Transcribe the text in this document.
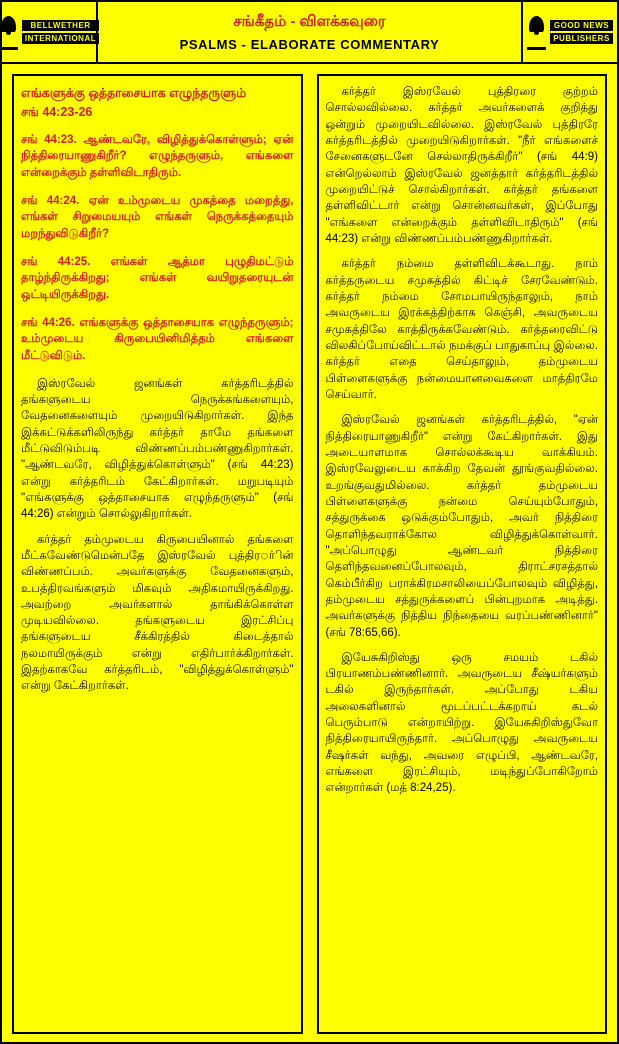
BELLWETHER
INTERNATIONAL
சங்கீதம் - விளக்கவுரை
PSALMS - ELABORATE COMMENTARY
GOOD NEWS
PUBLISHERS
எங்களுக்கு ஒத்தாசையாக எழுந்தருளும்
சங் 44:23-26
சங் 44:23. ஆண்டவரே, விழித்துக்கொள்ளும்; ஏன் நித்திரையாணுகிறீர்? எழுந்தருளும், எங்களை என்றைக்கும் தள்ளிவிடாதிரும்.
சங் 44:24. ஏன் உம்முடைய முகத்தை மறைத்து, எங்கள் சிறுமையயும் எங்கள் நெருக்கத்தையும் மறந்துவிடுகிறீர்?
சங் 44:25. எங்கள் ஆத்மா புழுதிமட்டும் தாழ்ந்திருக்கிறது; எங்கள் வயிறுதரையுடன் ஒட்டியிருக்கிறது.
சங் 44:26. எங்களுக்கு ஒத்தாசையாக எழுந்தருளும்; உம்முடைய கிருபையினிமித்தம் எங்களை மீட்டுவிடும்.

இஸ்ரவேல் ஜனங்கள் கர்த்தரிடத்தில் தங்களுடைய நெருக்கங்களையும், வேதனைகளையும் முறையிடுகிறார்கள். இந்த இக்கட்டுக்களிலிருந்து கர்த்தர் தாமே தங்களை மீட்டுவிடும்படி விண்ணப்பம்பண்ணுகிறார்கள். "ஆண்டவரே, விழித்துக்கொள்ளும்" (சங் 44:23) என்று கர்த்தரிடம் கேட்கிறார்கள். மறுபடியும் "எங்களுக்கு ஒத்தாசையாக எழுந்தருளும்" (சங் 44:26) என்றும் சொல்லுகிறார்கள்.

கர்த்தர் தம்முடைய கிருபையினால் தங்களை மீட்கவேண்டுமென்பதே இஸ்ரவேல் புத்திரர்ின் விண்ணப்பம். அவர்களுக்கு வேதனைகளும், உபத்திரவங்களும் மிகவும் அதிகமாயிருக்கிறது. அவற்றை அவர்களால் தாங்கிக்கொள்ள முடியவில்லை. தங்களுடைய இரட்சிப்பு தங்களுடைய சீக்கிரத்தில் கிடைத்தால் நலமாயிருக்கும் என்று எதிர்பார்க்கிறார்கள். இதற்காகவே கர்த்தரிடம், "விழித்துக்கொள்ளும்" என்று கேட்கிறார்கள்.

கர்த்தர் இஸ்ரவேல் புத்திரரை குற்றம் சொல்லவில்லை. கர்த்தர் அவர்களைக் குறித்து ஒன்றும் முறையிடவில்லை. இஸ்ரவேல் புத்திரரே கர்த்தரிடத்தில் முறையிடுகிறார்கள். "நீர் எங்களைச் சேனைகளுடனே செல்லாதிருக்கிறீர்" (சங் 44:9) என்றெல்லாம் இஸ்ரவேல் ஜனத்தார் கர்த்தரிடத்தில் முறையிட்டுச் சொல்கிறார்கள். கர்த்தர் தங்களை தள்ளிவிட்டார் என்று சொன்னவர்கள், இப்போது "எங்களை என்றைக்கும் தள்ளிவிடாதிரும்" (சங் 44:23) என்று விண்ணப்பம்பண்ணுகிறார்கள்.

கர்த்தர் நம்மை தள்ளிவிடக்கூடாது. நாம் கர்த்தருடைய சமுகத்தில் கிட்டிச் சேரவேண்டும். கர்த்தர் நம்மை சோமபாயிருந்தாலும், நாம் அவருடைய இரக்கத்திற்காக கெஞ்சி, அவருடைய சமுகத்திலே காத்திருக்கவேண்டும். கர்த்தரைவிட்டு விலகிப்போய்விட்டால் நமக்குப் பாதுகாப்பு இல்லை. கர்த்தர் எதை செய்தாலும், தம்முடைய பிள்ளைகளுக்கு நன்மையானவைகளை மாத்திரமே செய்வார்.

இஸ்ரவேல் ஜனங்கள் கர்த்தரிடத்தில், "ஏன் நித்திரையாணுகிறீர்" என்று கேட்கிறார்கள். இது அடையாளமாக சொல்லக்கூடிய வாக்கியம். இஸ்ரவேலுடைய காக்கிற தேவன் தூங்குவதில்லை. உறங்குவதுமில்லை. கர்த்தர் தம்முடைய பிள்ளைகளுக்கு நன்மை செய்யும்போதும், சத்துருக்கை ஒடுக்கும்போதும், அவர் நித்திரை தொளிந்தவராக்கோல விழித்துக்கொள்வார். "அப்பொழுது ஆண்டவர் நித்திரை தெளிந்தவனைப்போலவும், திராட்சரசத்தால் கெம்பீர்கிற பராக்கிரமசாலியைப்போலவும் விழித்து, தம்முடைய சத்துருக்களைப் பின்புறமாக அடித்து. அவர்களுக்கு நித்திய நிந்தையை வரப்பண்ணினார்" (சங் 78:65,66).

இயேசுகிறிஸ்து ஒரு சமயம் டகில் பிரயாணம்பண்ணினார். அவருடைய சீஷ்யர்களும் டகில் இருந்தார்கள். அப்போது டகிய அலைகளினால் மூடப்பட்டக்கறாய் கடல் பெரும்பாடு என்றாயிற்று. இயேசுகிறிஸ்துவோ நித்திரையாயிருந்தார். அப்பொழுது அவருடைய சீஷர்கள் வந்து, அவரை எழுப்பி, ஆண்டவரே, எங்களை இரட்சியும், மடிந்துப்போகிறோம் என்றார்கள் (மத் 8:24,25).
